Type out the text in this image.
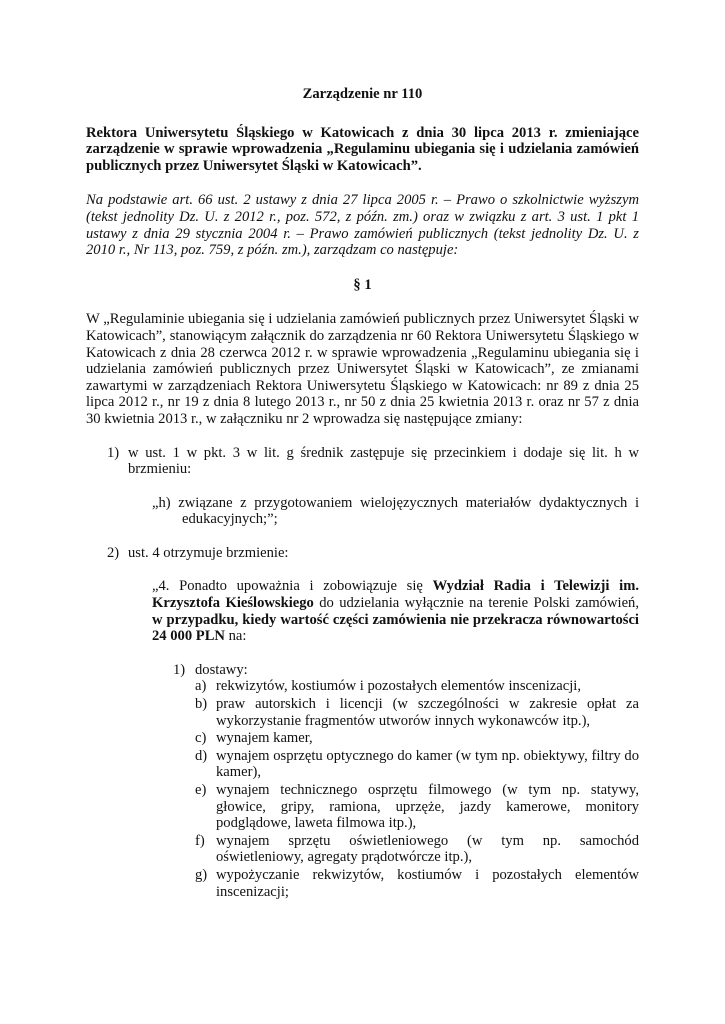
Zarządzenie nr 110

Rektora Uniwersytetu Śląskiego w Katowicach z dnia 30 lipca 2013 r. zmieniające zarządzenie w sprawie wprowadzenia „Regulaminu ubiegania się i udzielania zamówień publicznych przez Uniwersytet Śląski w Katowicach”.

Na podstawie art. 66 ust. 2 ustawy z dnia 27 lipca 2005 r. – Prawo o szkolnictwie wyższym (tekst jednolity Dz. U. z 2012 r., poz. 572, z późn. zm.) oraz w związku z art. 3 ust. 1 pkt 1 ustawy z dnia 29 stycznia 2004 r. – Prawo zamówień publicznych (tekst jednolity Dz. U. z 2010 r., Nr 113, poz. 759, z późn. zm.), zarządzam co następuje:

§ 1

W „Regulaminie ubiegania się i udzielania zamówień publicznych przez Uniwersytet Śląski w Katowicach”, stanowiącym załącznik do zarządzenia nr 60 Rektora Uniwersytetu Śląskiego w Katowicach z dnia 28 czerwca 2012 r. w sprawie wprowadzenia „Regulaminu ubiegania się i udzielania zamówień publicznych przez Uniwersytet Śląski w Katowicach”, ze zmianami zawartymi w zarządzeniach Rektora Uniwersytetu Śląskiego w Katowicach: nr 89 z dnia 25 lipca 2012 r., nr 19 z dnia 8 lutego 2013 r., nr 50 z dnia 25 kwietnia 2013 r. oraz nr 57 z dnia 30 kwietnia 2013 r., w załączniku nr 2 wprowadza się następujące zmiany:

1) w ust. 1 w pkt. 3 w lit. g średnik zastępuje się przecinkiem i dodaje się lit. h w brzmieniu:

„h) związane z przygotowaniem wielojęzycznych materiałów dydaktycznych i edukacyjnych;”;

2) ust. 4 otrzymuje brzmienie:

„4. Ponadto upoważnia i zobowiązuje się Wydział Radia i Telewizji im. Krzysztofa Kieślowskiego do udzielania wyłącznie na terenie Polski zamówień, w przypadku, kiedy wartość części zamówienia nie przekracza równowartości 24 000 PLN na:

1) dostawy:

a) rekwizytów, kostiumów i pozostałych elementów inscenizacji,
b) praw autorskich i licencji (w szczególności w zakresie opłat za wykorzystanie fragmentów utworów innych wykonawców itp.),
c) wynajem kamer,
d) wynajem osprzętu optycznego do kamer (w tym np. obiektywy, filtry do kamer),
e) wynajem technicznego osprzętu filmowego (w tym np. statywy, głowice, gripy, ramiona, uprzęże, jazdy kamerowe, monitory podglądowe, laweta filmowa itp.),
f) wynajem sprzętu oświetleniowego (w tym np. samochód oświetleniowy, agregaty prądotwórcze itp.),
g) wypożyczanie rekwizytów, kostiumów i pozostałych elementów inscenizacji;
